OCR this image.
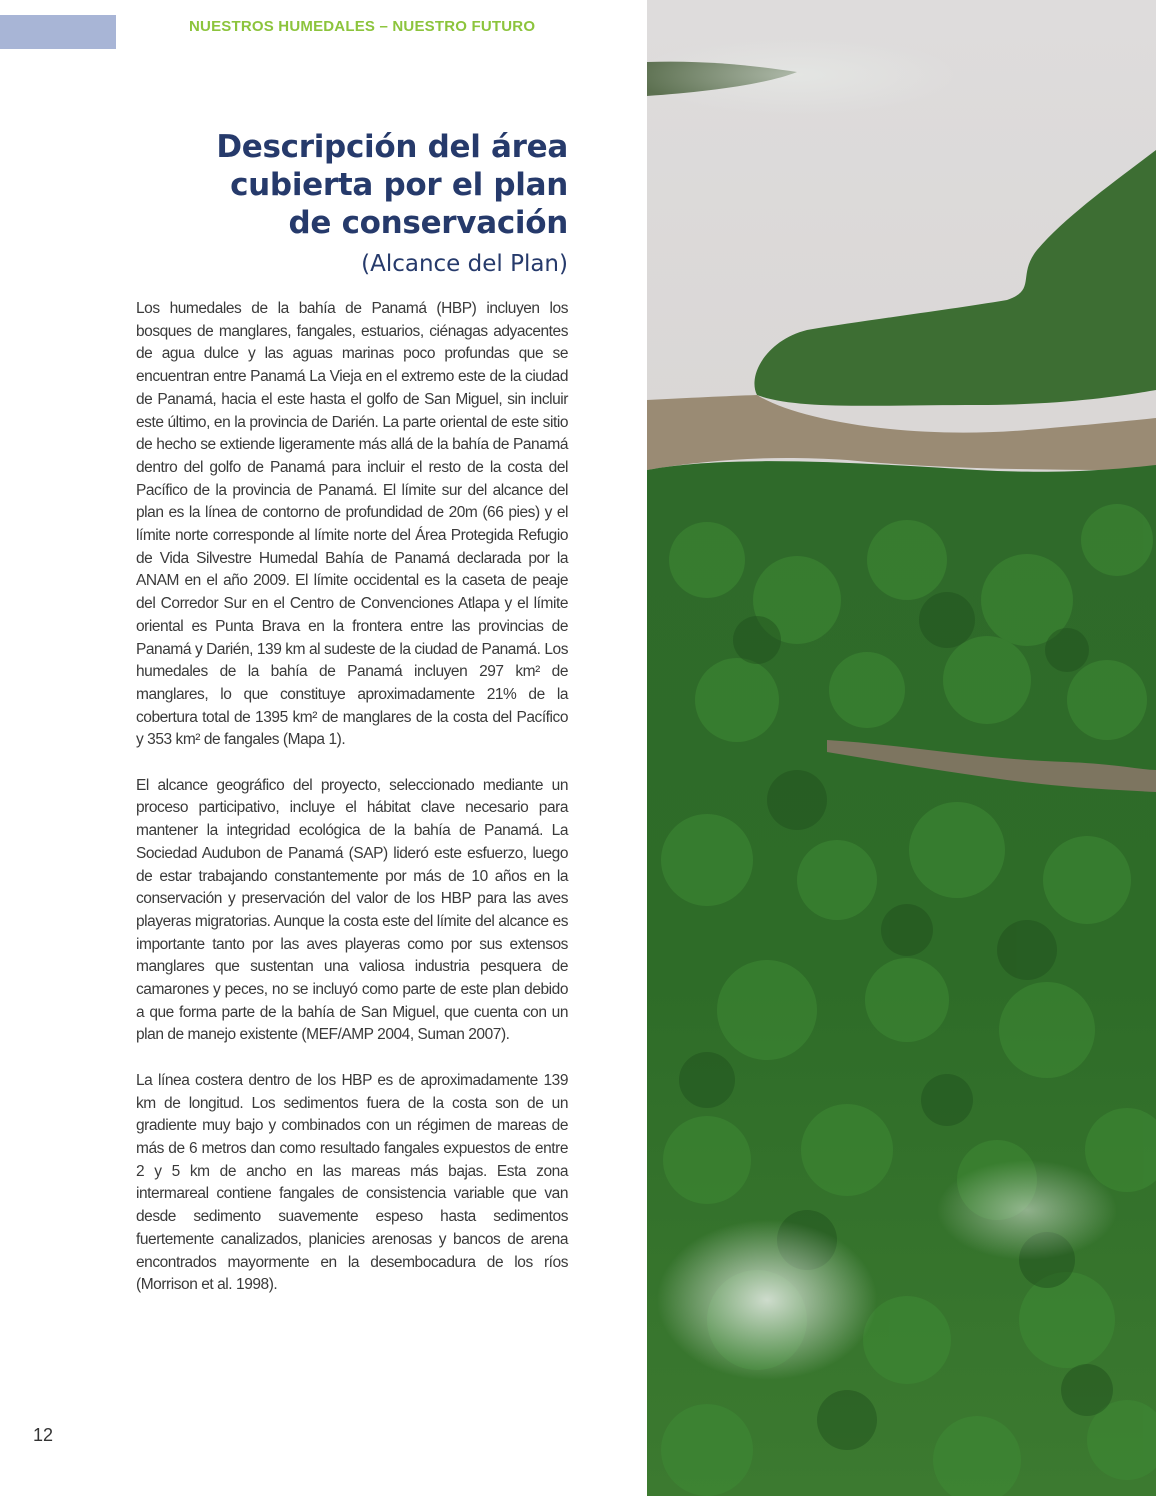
NUESTROS HUMEDALES – NUESTRO FUTURO
Descripción del área
cubierta por el plan
de conservación
(Alcance del Plan)

Los humedales de la bahía de Panamá (HBP) incluyen los bosques de manglares, fangales, estuarios, ciénagas adyacentes de agua dulce y las aguas marinas poco profundas que se encuentran entre Panamá La Vieja en el extremo este de la ciudad de Panamá, hacia el este hasta el golfo de San Miguel, sin incluir este último, en la provincia de Darién. La parte oriental de este sitio de hecho se extiende ligeramente más allá de la bahía de Panamá dentro del golfo de Panamá para incluir el resto de la costa del Pacífico de la provincia de Panamá. El límite sur del alcance del plan es la línea de contorno de profundidad de 20m (66 pies) y el límite norte corresponde al límite norte del Área Protegida Refugio de Vida Silvestre Humedal Bahía de Panamá declarada por la ANAM en el año 2009. El límite occidental es la caseta de peaje del Corredor Sur en el Centro de Convenciones Atlapa y el límite oriental es Punta Brava en la frontera entre las provincias de Panamá y Darién, 139 km al sudeste de la ciudad de Panamá. Los humedales de la bahía de Panamá incluyen 297 km² de manglares, lo que constituye aproximadamente 21% de la cobertura total de 1395 km² de manglares de la costa del Pacífico y 353 km² de fangales (Mapa 1).

El alcance geográfico del proyecto, seleccionado mediante un proceso participativo, incluye el hábitat clave necesario para mantener la integridad ecológica de la bahía de Panamá. La Sociedad Audubon de Panamá (SAP) lideró este esfuerzo, luego de estar trabajando constantemente por más de 10 años en la conservación y preservación del valor de los HBP para las aves playeras migratorias. Aunque la costa este del límite del alcance es importante tanto por las aves playeras como por sus extensos manglares que sustentan una valiosa industria pesquera de camarones y peces, no se incluyó como parte de este plan debido a que forma parte de la bahía de San Miguel, que cuenta con un plan de manejo existente (MEF/AMP 2004, Suman 2007).

La línea costera dentro de los HBP es de aproximadamente 139 km de longitud. Los sedimentos fuera de la costa son de un gradiente muy bajo y combinados con un régimen de mareas de más de 6 metros dan como resultado fangales expuestos de entre 2 y 5 km de ancho en las mareas más bajas. Esta zona intermareal contiene fangales de consistencia variable que van desde sedimento suavemente espeso hasta sedimentos fuertemente canalizados, planicies arenosas y bancos de arena encontrados mayormente en la desembocadura de los ríos (Morrison et al. 1998).

12
